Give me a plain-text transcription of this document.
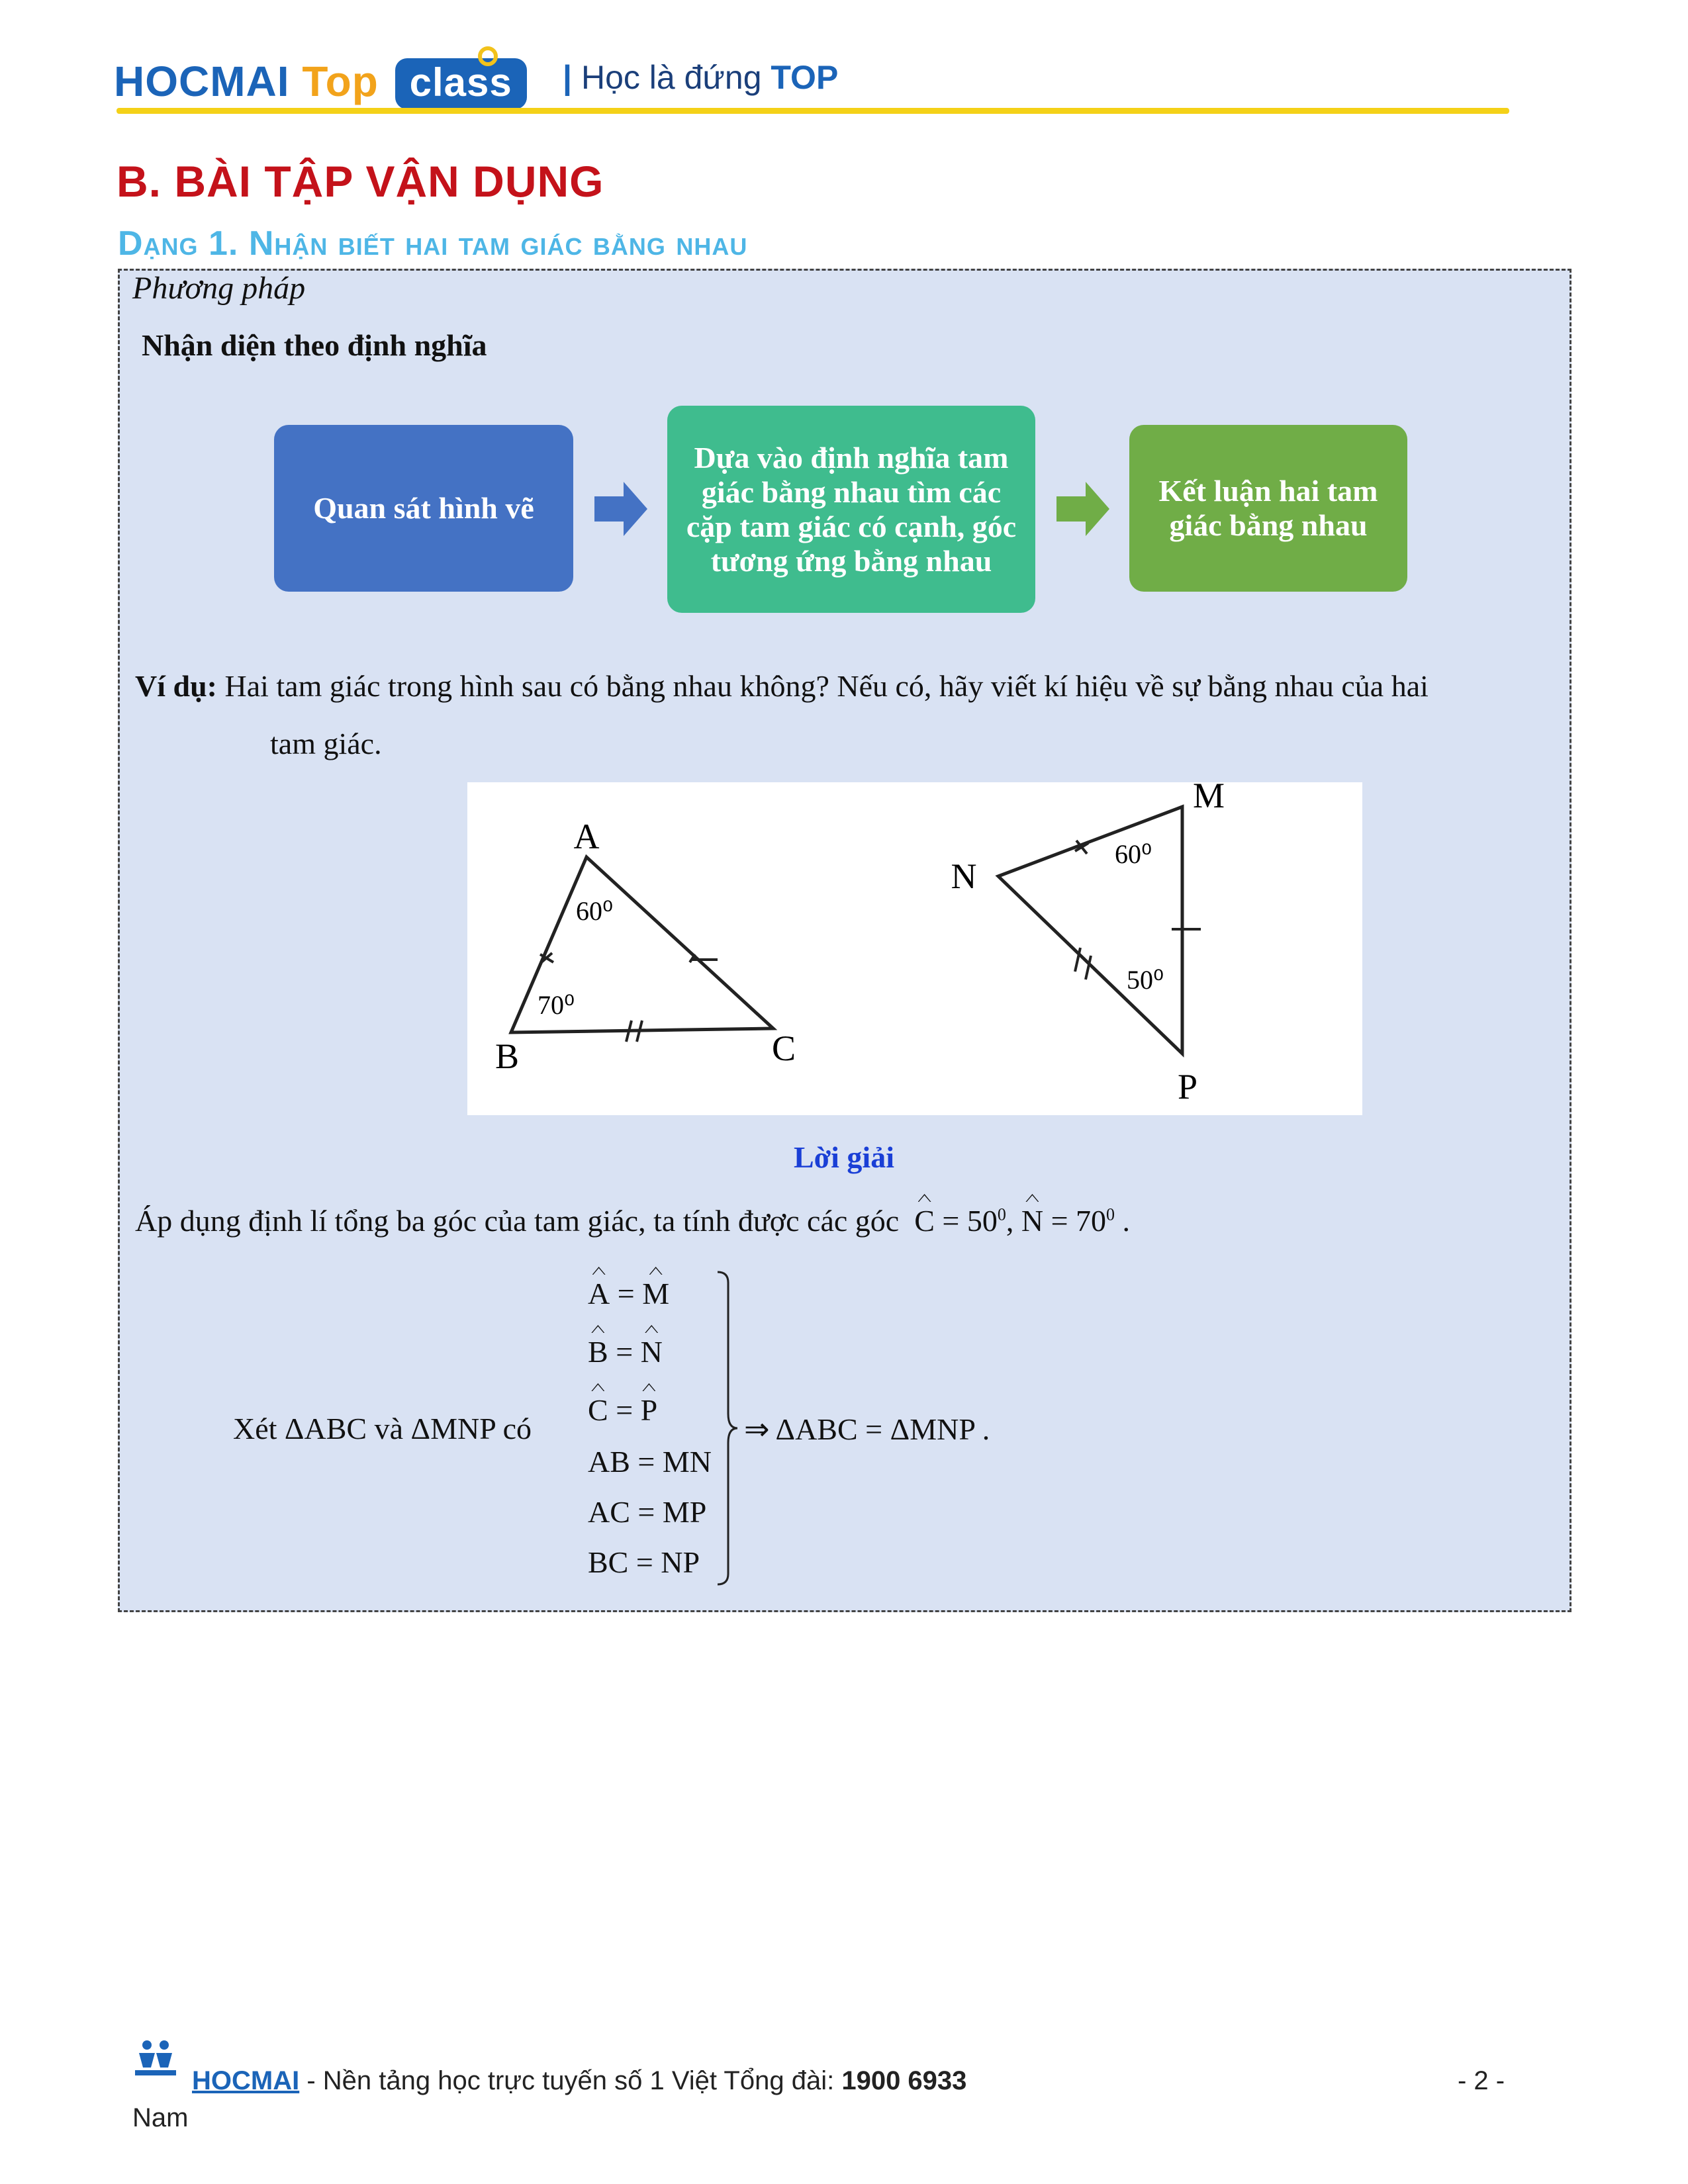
HOCMAI Top class	| Học là đứng TOP
B. BÀI TẬP VẬN DỤNG
Dạng 1. Nhận biết hai tam giác bằng nhau
Phương pháp
Nhận diện theo định nghĩa
Quan sát hình vẽ
Dựa vào định nghĩa tam giác bằng nhau tìm các cặp tam giác có cạnh, góc tương ứng bằng nhau
Kết luận hai tam giác bằng nhau
Ví dụ: Hai tam giác trong hình sau có bằng nhau không? Nếu có, hãy viết kí hiệu về sự bằng nhau của hai
tam giác.
A
B	C
60⁰
70⁰
M
N
P
60⁰
50⁰
Lời giải
Áp dụng định lí tổng ba góc của tam giác, ta tính được các góc $C = 50^0$, $N = 70^0$ .
Xét ΔABC và ΔMNP có
A = M
B = N
C = P
AB = MN
AC = MP
BC = NP
⇒ ΔABC = ΔMNP .
HOCMAI - Nền tảng học trực tuyến số 1 Việt Tổng đài: 1900 6933	- 2 -
Nam
